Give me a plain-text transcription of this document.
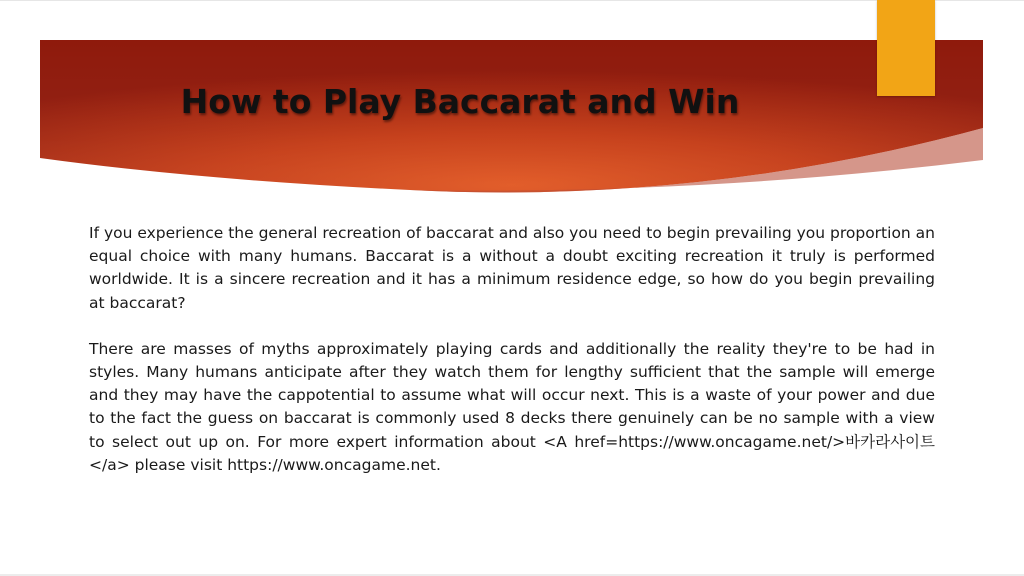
How to Play Baccarat and Win

If you experience the general recreation of baccarat and also you need to begin prevailing you proportion an equal choice with many humans. Baccarat is a without a doubt exciting recreation it truly is performed worldwide. It is a sincere recreation and it has a minimum residence edge, so how do you begin prevailing at baccarat?

There are masses of myths approximately playing cards and additionally the reality they're to be had in styles. Many humans anticipate after they watch them for lengthy sufficient that the sample will emerge and they may have the cappotential to assume what will occur next. This is a waste of your power and due to the fact the guess on baccarat is commonly used 8 decks there genuinely can be no sample with a view to select out up on. For more expert information about <A href=https://www.oncagame.net/>바카라사이트 </a> please visit https://www.oncagame.net.
